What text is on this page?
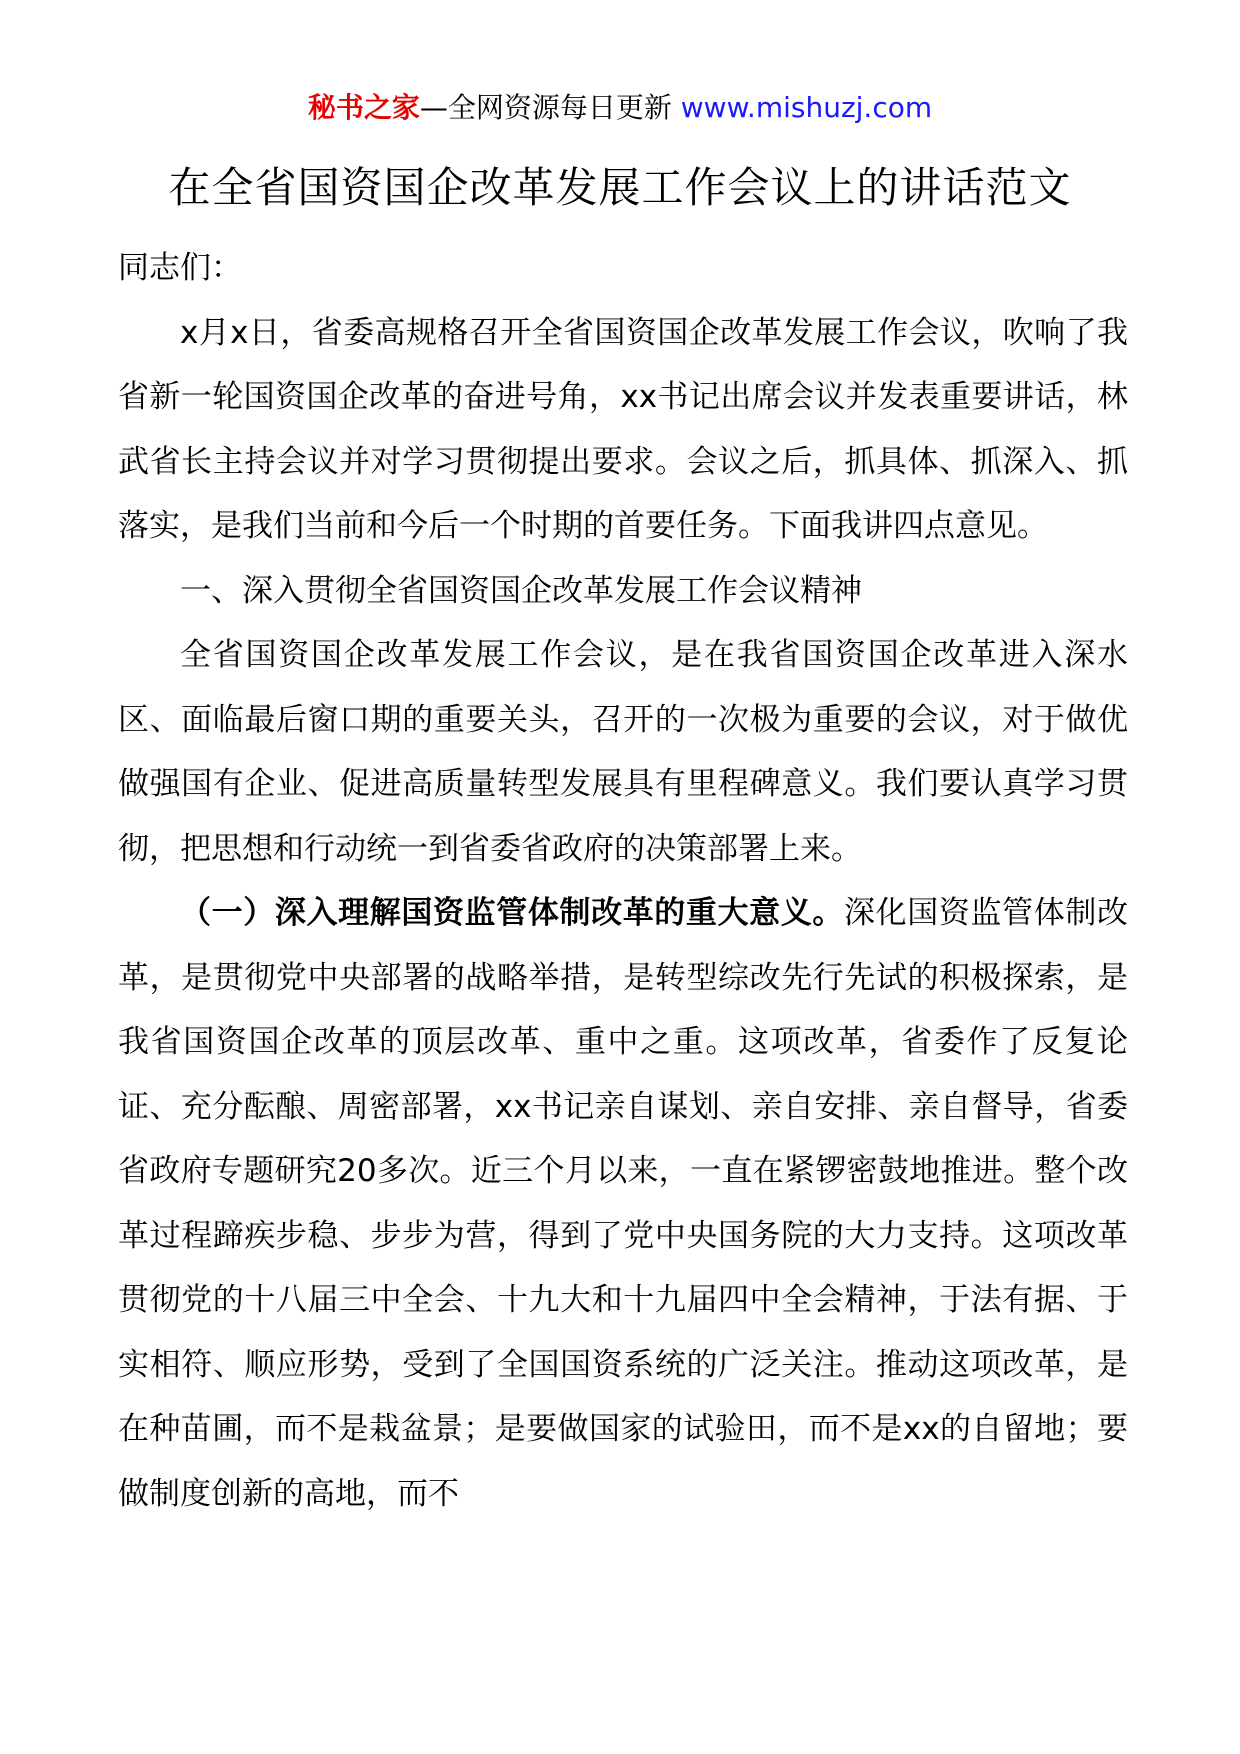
秘书之家—全网资源每日更新 www.mishuzj.com
在全省国资国企改革发展工作会议上的讲话范文

同志们：

x月x日，省委高规格召开全省国资国企改革发展工作会议，吹响了我省新一轮国资国企改革的奋进号角，xx书记出席会议并发表重要讲话，林武省长主持会议并对学习贯彻提出要求。会议之后，抓具体、抓深入、抓落实，是我们当前和今后一个时期的首要任务。下面我讲四点意见。

一、深入贯彻全省国资国企改革发展工作会议精神

全省国资国企改革发展工作会议，是在我省国资国企改革进入深水区、面临最后窗口期的重要关头，召开的一次极为重要的会议，对于做优做强国有企业、促进高质量转型发展具有里程碑意义。我们要认真学习贯彻，把思想和行动统一到省委省政府的决策部署上来。

（一）深入理解国资监管体制改革的重大意义。深化国资监管体制改革，是贯彻党中央部署的战略举措，是转型综改先行先试的积极探索，是我省国资国企改革的顶层改革、重中之重。这项改革，省委作了反复论证、充分酝酿、周密部署，xx书记亲自谋划、亲自安排、亲自督导，省委省政府专题研究20多次。近三个月以来，一直在紧锣密鼓地推进。整个改革过程蹄疾步稳、步步为营，得到了党中央国务院的大力支持。这项改革贯彻党的十八届三中全会、十九大和十九届四中全会精神，于法有据、于实相符、顺应形势，受到了全国国资系统的广泛关注。推动这项改革，是在种苗圃，而不是栽盆景；是要做国家的试验田，而不是xx的自留地；要做制度创新的高地，而不
